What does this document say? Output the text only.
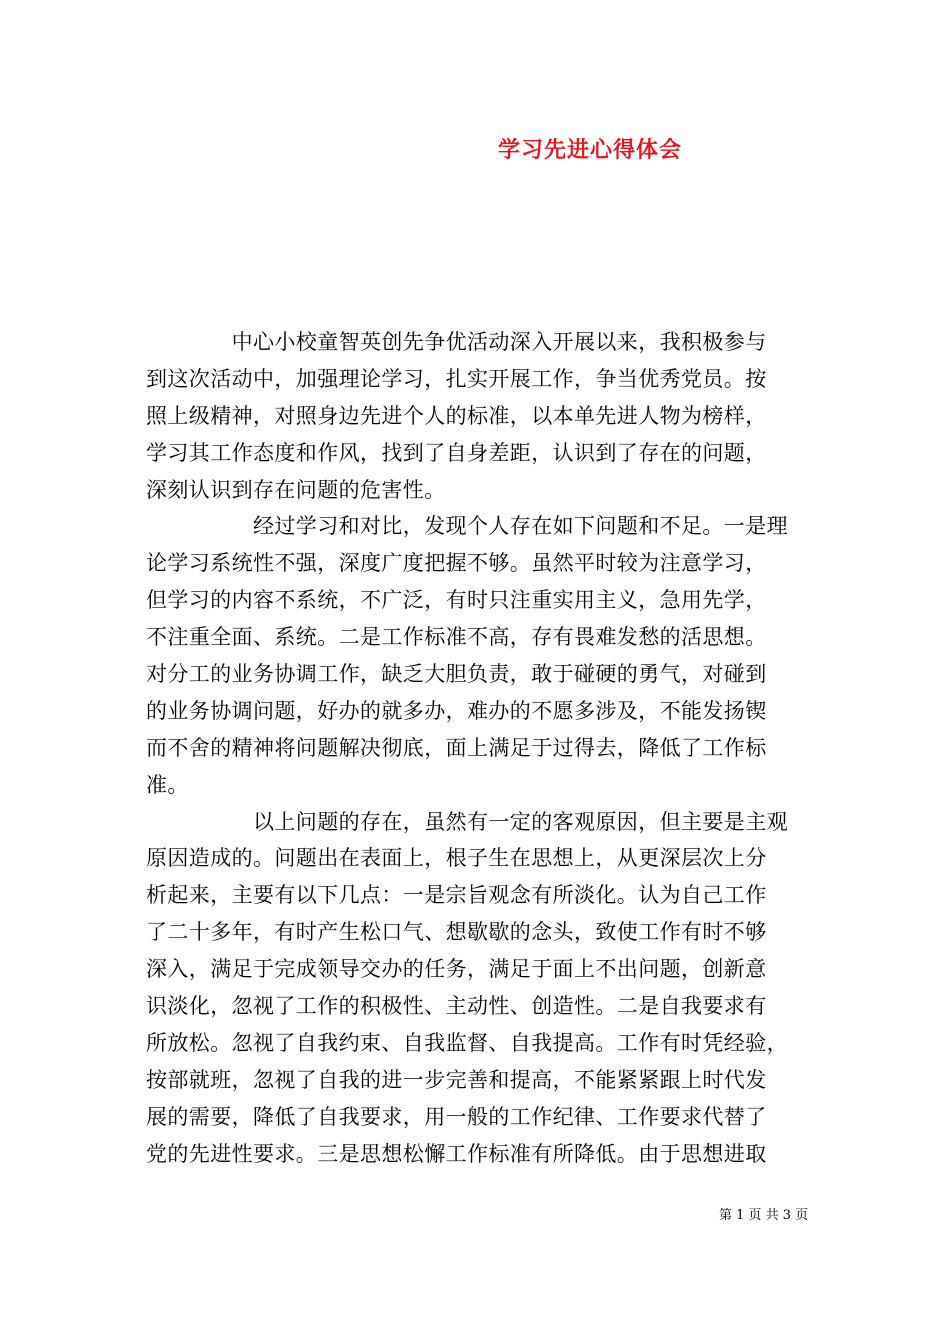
学习先进心得体会
　　　　中心小校童智英创先争优活动深入开展以来，我积极参与
到这次活动中，加强理论学习，扎实开展工作，争当优秀党员。按
照上级精神，对照身边先进个人的标准，以本单先进人物为榜样，
学习其工作态度和作风，找到了自身差距，认识到了存在的问题，
深刻认识到存在问题的危害性。
　　　　　经过学习和对比，发现个人存在如下问题和不足。一是理
论学习系统性不强，深度广度把握不够。虽然平时较为注意学习，
但学习的内容不系统，不广泛，有时只注重实用主义，急用先学，
不注重全面、系统。二是工作标准不高，存有畏难发愁的活思想。
对分工的业务协调工作，缺乏大胆负责，敢于碰硬的勇气，对碰到
的业务协调问题，好办的就多办，难办的不愿多涉及，不能发扬锲
而不舍的精神将问题解决彻底，面上满足于过得去，降低了工作标
准。
　　　　　以上问题的存在，虽然有一定的客观原因，但主要是主观
原因造成的。问题出在表面上，根子生在思想上，从更深层次上分
析起来，主要有以下几点：一是宗旨观念有所淡化。认为自己工作
了二十多年，有时产生松口气、想歇歇的念头，致使工作有时不够
深入，满足于完成领导交办的任务，满足于面上不出问题，创新意
识淡化，忽视了工作的积极性、主动性、创造性。二是自我要求有
所放松。忽视了自我约束、自我监督、自我提高。工作有时凭经验，
按部就班，忽视了自我的进一步完善和提高，不能紧紧跟上时代发
展的需要，降低了自我要求，用一般的工作纪律、工作要求代替了
党的先进性要求。三是思想松懈工作标准有所降低。由于思想进取
第 1 页 共 3 页
